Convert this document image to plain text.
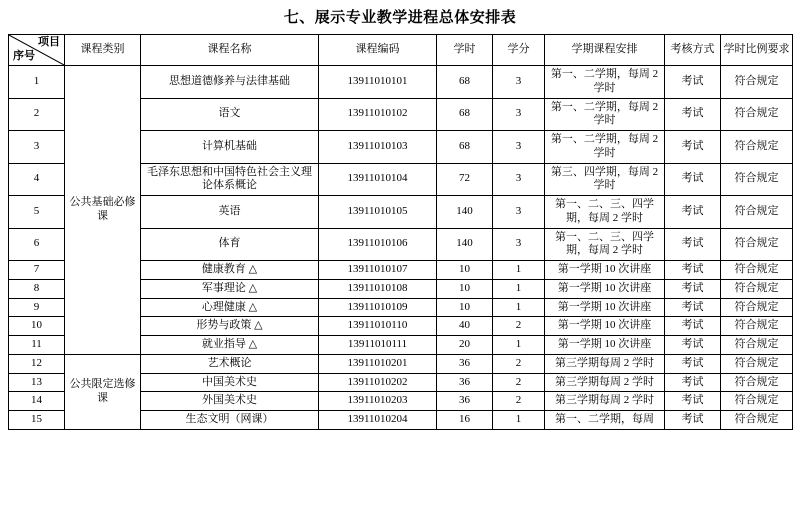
七、展示专业教学进程总体安排表
项目
序号	课程类别	课程名称	课程编码	学时	学分	学期课程安排	考核方式	学时比例要求
1	公共基础必修课	思想道德修养与法律基础	13911010101	68	3	第一、二学期，每周 2 学时	考试	符合规定
2		语文	13911010102	68	3	第一、二学期，每周 2 学时	考试	符合规定
3		计算机基础	13911010103	68	3	第一、二学期，每周 2 学时	考试	符合规定
4		毛泽东思想和中国特色社会主义理论体系概论	13911010104	72	3	第三、四学期，每周 2 学时	考试	符合规定
5		英语	13911010105	140	3	第一、二、三、四学期，每周 2 学时	考试	符合规定
6		体育	13911010106	140	3	第一、二、三、四学期，每周 2 学时	考试	符合规定
7		健康教育 △	13911010107	10	1	第一学期 10 次讲座	考试	符合规定
8		军事理论 △	13911010108	10	1	第一学期 10 次讲座	考试	符合规定
9		心理健康 △	13911010109	10	1	第一学期 10 次讲座	考试	符合规定
10		形势与政策 △	13911010110	40	2	第一学期 10 次讲座	考试	符合规定
11		就业指导 △	13911010111	20	1	第一学期 10 次讲座	考试	符合规定
12	公共限定选修课	艺术概论	13911010201	36	2	第三学期每周 2 学时	考试	符合规定
13		中国美术史	13911010202	36	2	第三学期每周 2 学时	考试	符合规定
14		外国美术史	13911010203	36	2	第三学期每周 2 学时	考试	符合规定
15		生态文明（网课）	13911010204	16	1	第一、二学期，每周	考试	符合规定
